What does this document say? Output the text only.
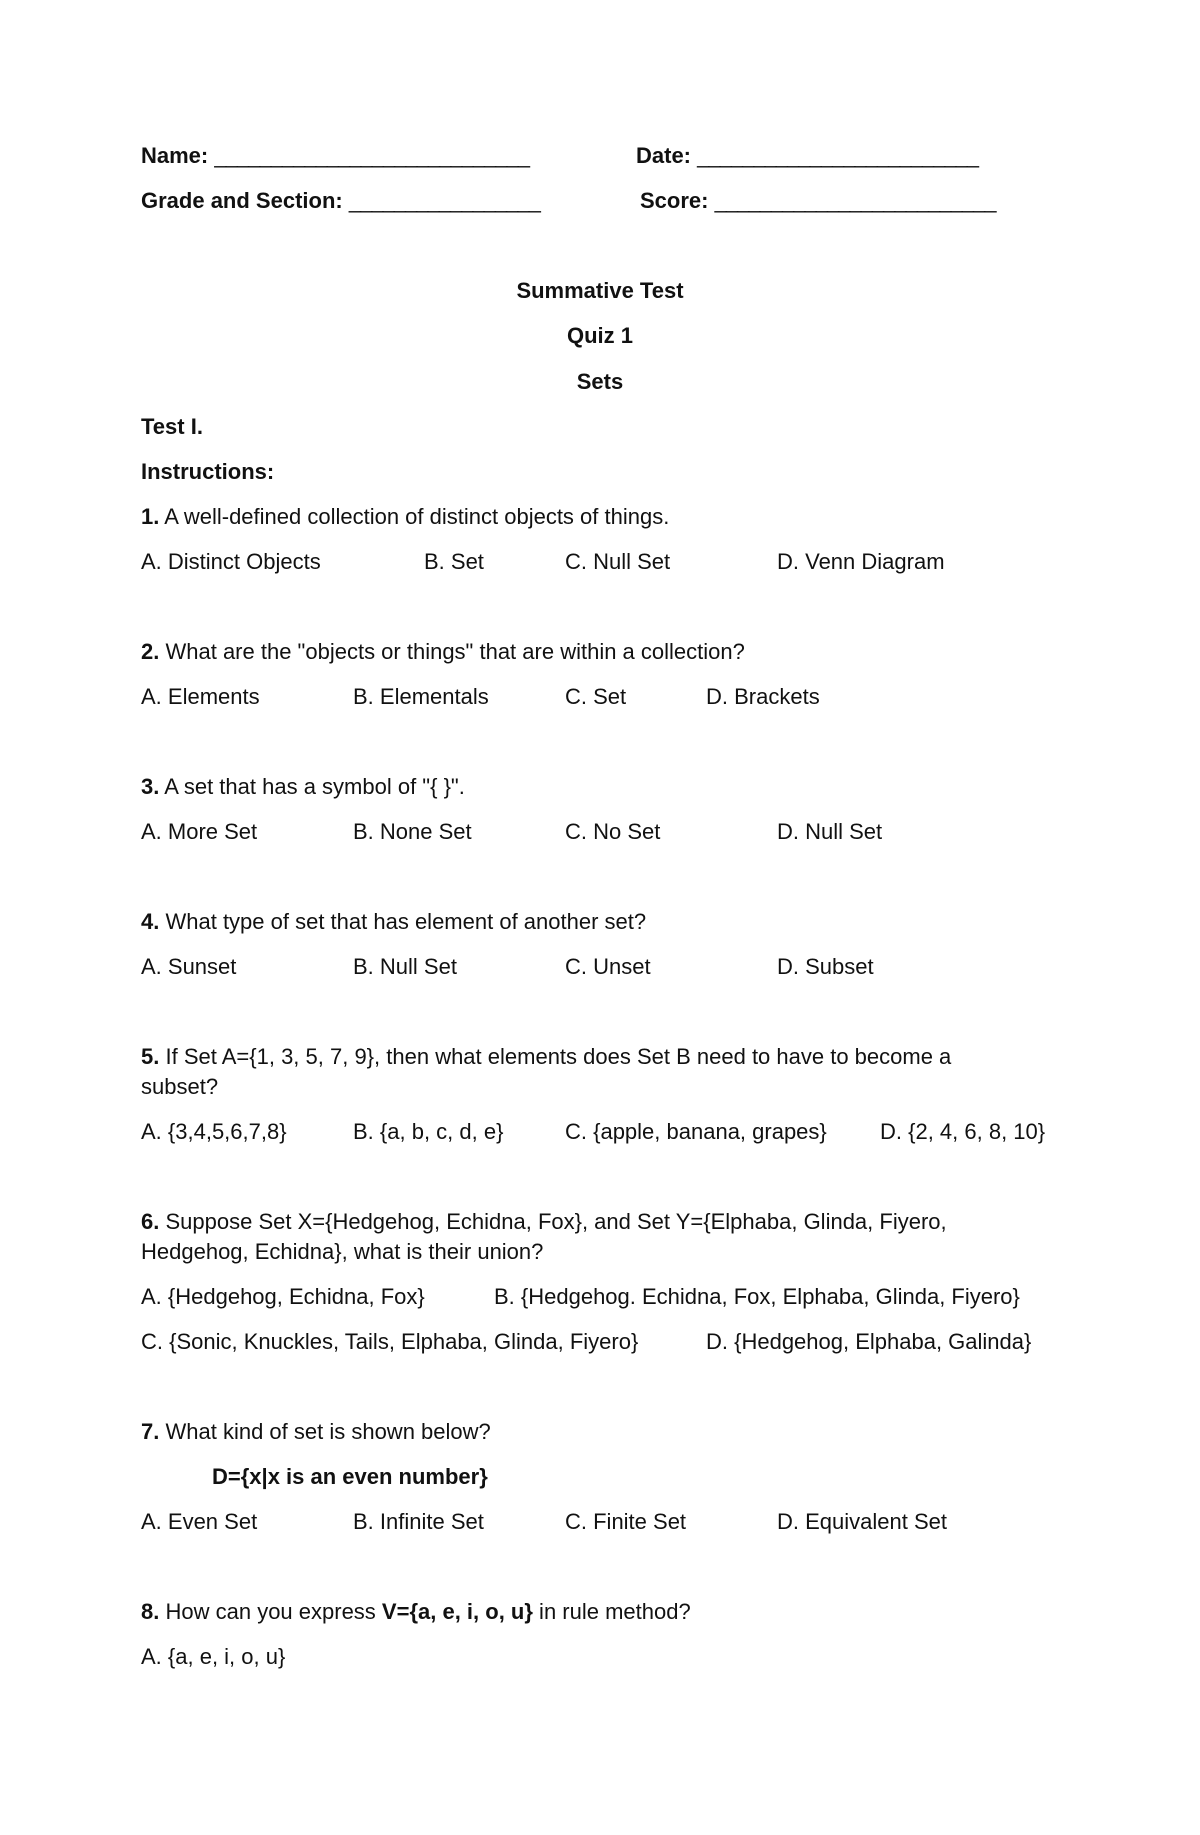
Name: ____________________________	Date: _________________________
Grade and Section: _________________	Score: _________________________
Summative Test
Quiz 1
Sets
Test I.
Instructions:
1. A well-defined collection of distinct objects of things.
A. Distinct Objects	B. Set	C. Null Set	D. Venn Diagram
2. What are the "objects or things" that are within a collection?
A. Elements	B. Elementals	C. Set	D. Brackets
3. A set that has a symbol of "{ }".
A. More Set	B. None Set	C. No Set	D. Null Set
4. What type of set that has element of another set?
A. Sunset	B. Null Set	C. Unset	D. Subset
5. If Set A={1, 3, 5, 7, 9}, then what elements does Set B need to have to become a
subset?
A. {3,4,5,6,7,8}	B. {a, b, c, d, e}	C. {apple, banana, grapes} D. {2, 4, 6, 8, 10}
6. Suppose Set X={Hedgehog, Echidna, Fox}, and Set Y={Elphaba, Glinda, Fiyero,
Hedgehog, Echidna}, what is their union?
A. {Hedgehog, Echidna, Fox}	B. {Hedgehog. Echidna, Fox, Elphaba, Glinda, Fiyero}
C. {Sonic, Knuckles, Tails, Elphaba, Glinda, Fiyero}	D. {Hedgehog, Elphaba, Galinda}
7. What kind of set is shown below?
D={x|x is an even number}
A. Even Set	B. Infinite Set	C. Finite Set	D. Equivalent Set
8. How can you express V={a, e, i, o, u} in rule method?
A. {a, e, i, o, u}
